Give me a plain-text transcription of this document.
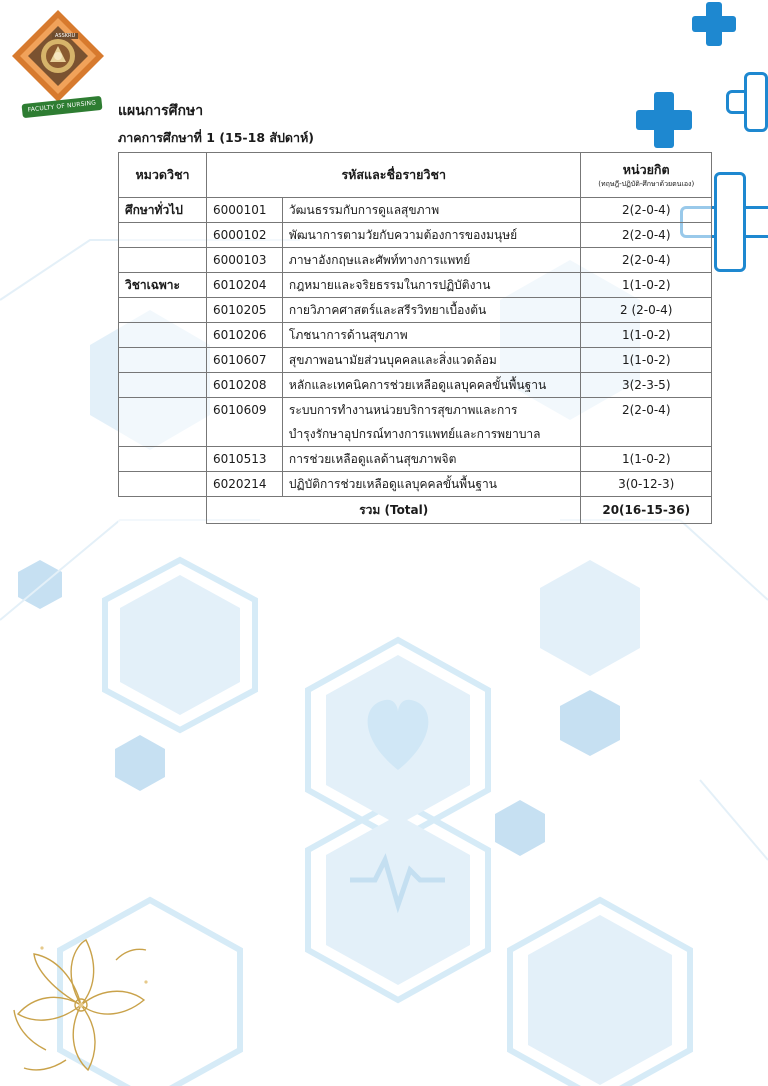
ASSKRU
FACULTY OF NURSING	แผนการศึกษา
ภาคการศึกษาที่ 1 (15-18 สัปดาห์)
หมวดวิชา	รหัสและชื่อรายวิชา		หน่วยกิต
(ทฤษฎี-ปฏิบัติ-ศึกษาด้วยตนเอง)

ศึกษาทั่วไป	6000101	วัฒนธรรมกับการดูแลสุขภาพ	2(2-0-4)
	6000102	พัฒนาการตามวัยกับความต้องการของมนุษย์	2(2-0-4)
	6000103	ภาษาอังกฤษและศัพท์ทางการแพทย์	2(2-0-4)
วิชาเฉพาะ	6010204	กฎหมายและจริยธรรมในการปฏิบัติงาน	1(1-0-2)
	6010205	กายวิภาคศาสตร์และสรีรวิทยาเบื้องต้น	2 (2-0-4)
	6010206	โภชนาการด้านสุขภาพ	1(1-0-2)
	6010607	สุขภาพอนามัยส่วนบุคคลและสิ่งแวดล้อม	1(1-0-2)
	6010208	หลักและเทคนิคการช่วยเหลือดูแลบุคคลขั้นพื้นฐาน	3(2-3-5)
	6010609	ระบบการทำงานหน่วยบริการสุขภาพและการ
บำรุงรักษาอุปกรณ์ทางการแพทย์และการพยาบาล	2(2-0-4)
	6010513	การช่วยเหลือดูแลด้านสุขภาพจิต	1(1-0-2)
	6020214	ปฏิบัติการช่วยเหลือดูแลบุคคลขั้นพื้นฐาน	3(0-12-3)
	รวม (Total)		20(16-15-36)
